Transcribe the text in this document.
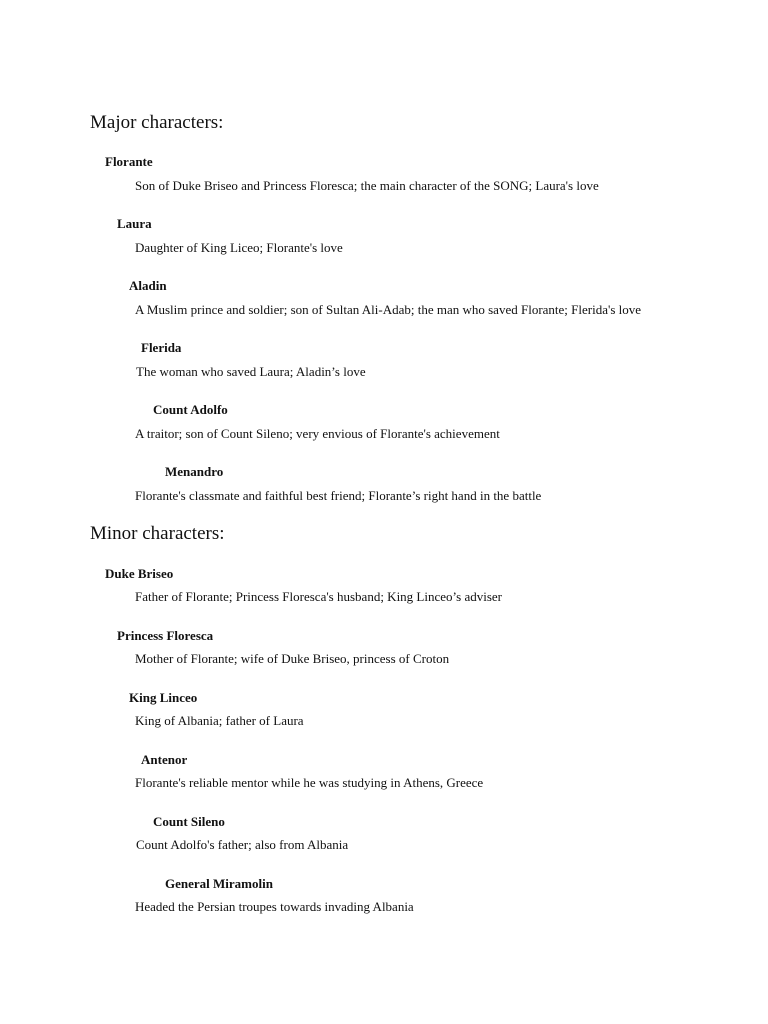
Major characters:
Florante
Son of Duke Briseo and Princess Floresca; the main character of the SONG; Laura's love
Laura
Daughter of King Liceo; Florante's love
Aladin
A Muslim prince and soldier; son of Sultan Ali-Adab; the man who saved Florante; Flerida's love
Flerida
The woman who saved Laura; Aladin’s love
Count Adolfo
A traitor; son of Count Sileno; very envious of Florante's achievement
Menandro
Florante's classmate and faithful best friend; Florante’s right hand in the battle
Minor characters:
Duke Briseo
Father of Florante; Princess Floresca's husband; King Linceo’s adviser
Princess Floresca
Mother of Florante; wife of Duke Briseo, princess of Croton
King Linceo
King of Albania; father of Laura
Antenor
Florante's reliable mentor while he was studying in Athens, Greece
Count Sileno
Count Adolfo's father; also from Albania
General Miramolin
Headed the Persian troupes towards invading Albania
